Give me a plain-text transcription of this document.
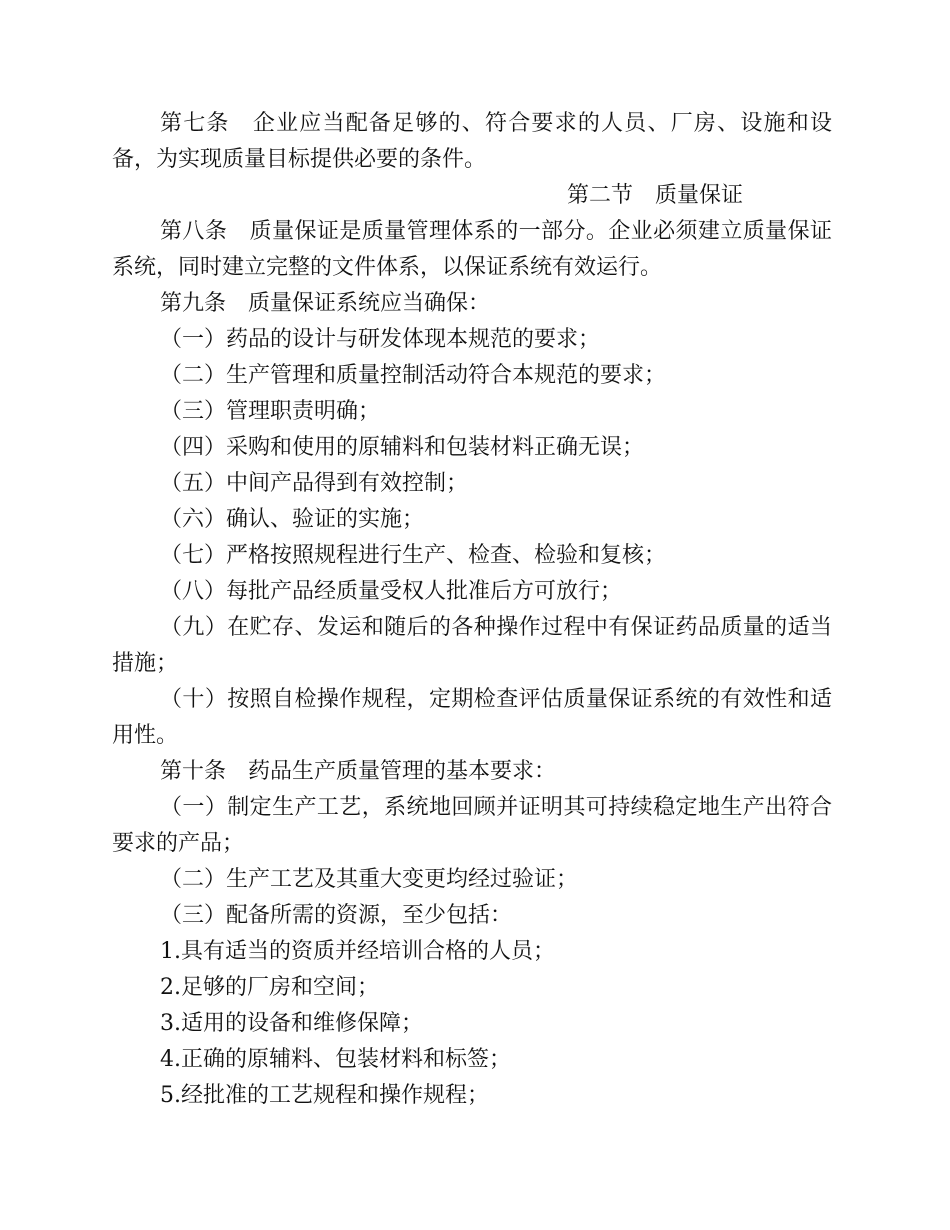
第七条 企业应当配备足够的、符合要求的人员、厂房、设施和设备，为实现质量目标提供必要的条件。

第二节 质量保证

第八条 质量保证是质量管理体系的一部分。企业必须建立质量保证系统，同时建立完整的文件体系，以保证系统有效运行。

第九条 质量保证系统应当确保：

（一）药品的设计与研发体现本规范的要求；

（二）生产管理和质量控制活动符合本规范的要求；

（三）管理职责明确；

（四）采购和使用的原辅料和包装材料正确无误；

（五）中间产品得到有效控制；

（六）确认、验证的实施；

（七）严格按照规程进行生产、检查、检验和复核；

（八）每批产品经质量受权人批准后方可放行；

（九）在贮存、发运和随后的各种操作过程中有保证药品质量的适当措施；

（十）按照自检操作规程，定期检查评估质量保证系统的有效性和适用性。

第十条 药品生产质量管理的基本要求：

（一）制定生产工艺，系统地回顾并证明其可持续稳定地生产出符合要求的产品；

（二）生产工艺及其重大变更均经过验证；

（三）配备所需的资源，至少包括：

1.具有适当的资质并经培训合格的人员；

2.足够的厂房和空间；

3.适用的设备和维修保障；

4.正确的原辅料、包装材料和标签；

5.经批准的工艺规程和操作规程；
